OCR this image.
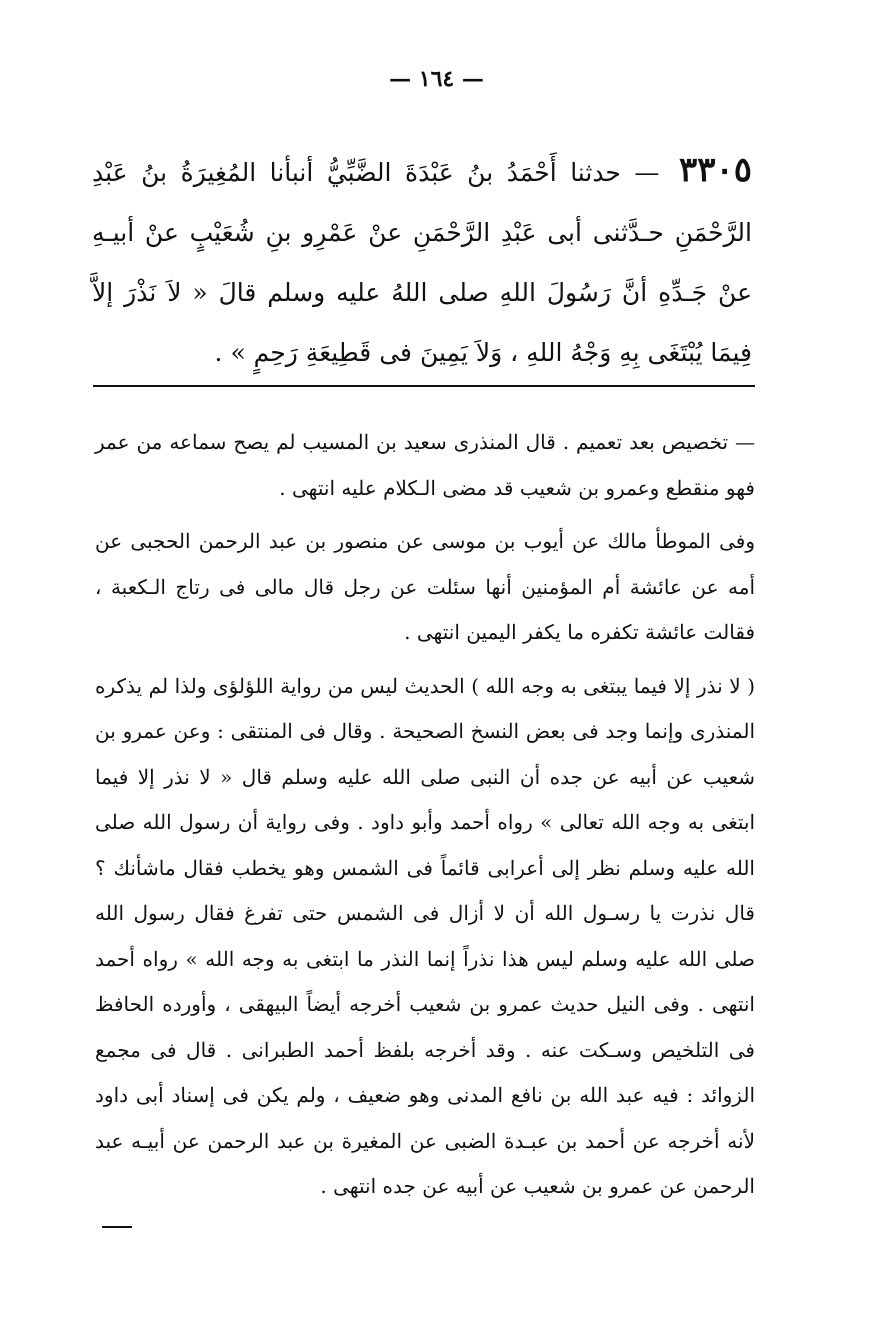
— ١٦٤ —
٣٣٠٥ — حدثنا أَحْمَدُ بنُ عَبْدَةَ الضَّبِّيُّ أنبأنا المُغِيرَةُ بنُ عَبْدِ الرَّحْمَنِ حـدَّثنى أبى عَبْدِ الرَّحْمَنِ عنْ عَمْرِو بنِ شُعَيْبٍ عنْ أبيـهِ عنْ جَـدِّهِ أنَّ رَسُولَ اللهِ صلى اللهُ عليه وسلم قالَ « لاَ نَذْرَ إلاَّ فِيمَا يُبْتَغَى بِهِ وَجْهُ اللهِ ، وَلاَ يَمِينَ فى قَطِيعَةِ رَحِمٍ » .

— تخصيص بعد تعميم . قال المنذرى سعيد بن المسيب لم يصح سماعه من عمر فهو منقطع وعمرو بن شعيب قد مضى الـكلام عليه انتهى .

وفى الموطأ مالك عن أيوب بن موسى عن منصور بن عبد الرحمن الحجبى عن أمه عن عائشة أم المؤمنين أنها سئلت عن رجل قال مالى فى رتاج الـكعبة ، فقالت عائشة تكفره ما يكفر اليمين انتهى .

( لا نذر إلا فيما يبتغى به وجه الله ) الحديث ليس من رواية اللؤلؤى ولذا لم يذكره المنذرى وإنما وجد فى بعض النسخ الصحيحة . وقال فى المنتقى : وعن عمرو بن شعيب عن أبيه عن جده أن النبى صلى الله عليه وسلم قال « لا نذر إلا فيما ابتغى به وجه الله تعالى » رواه أحمد وأبو داود . وفى رواية أن رسول الله صلى الله عليه وسلم نظر إلى أعرابى قائماً فى الشمس وهو يخطب فقال ماشأنك ؟ قال نذرت يا رسـول الله أن لا أزال فى الشمس حتى تفرغ فقال رسول الله صلى الله عليه وسلم ليس هذا نذراً إنما النذر ما ابتغى به وجه الله » رواه أحمد انتهى . وفى النيل حديث عمرو بن شعيب أخرجه أيضاً البيهقى ، وأورده الحافظ فى التلخيص وسـكت عنه . وقد أخرجه بلفظ أحمد الطبرانى . قال فى مجمع الزوائد : فيه عبد الله بن نافع المدنى وهو ضعيف ، ولم يكن فى إسناد أبى داود لأنه أخرجه عن أحمد بن عبـدة الضبى عن المغيرة بن عبد الرحمن عن أبيـه عبد الرحمن عن عمرو بن شعيب عن أبيه عن جده انتهى .
